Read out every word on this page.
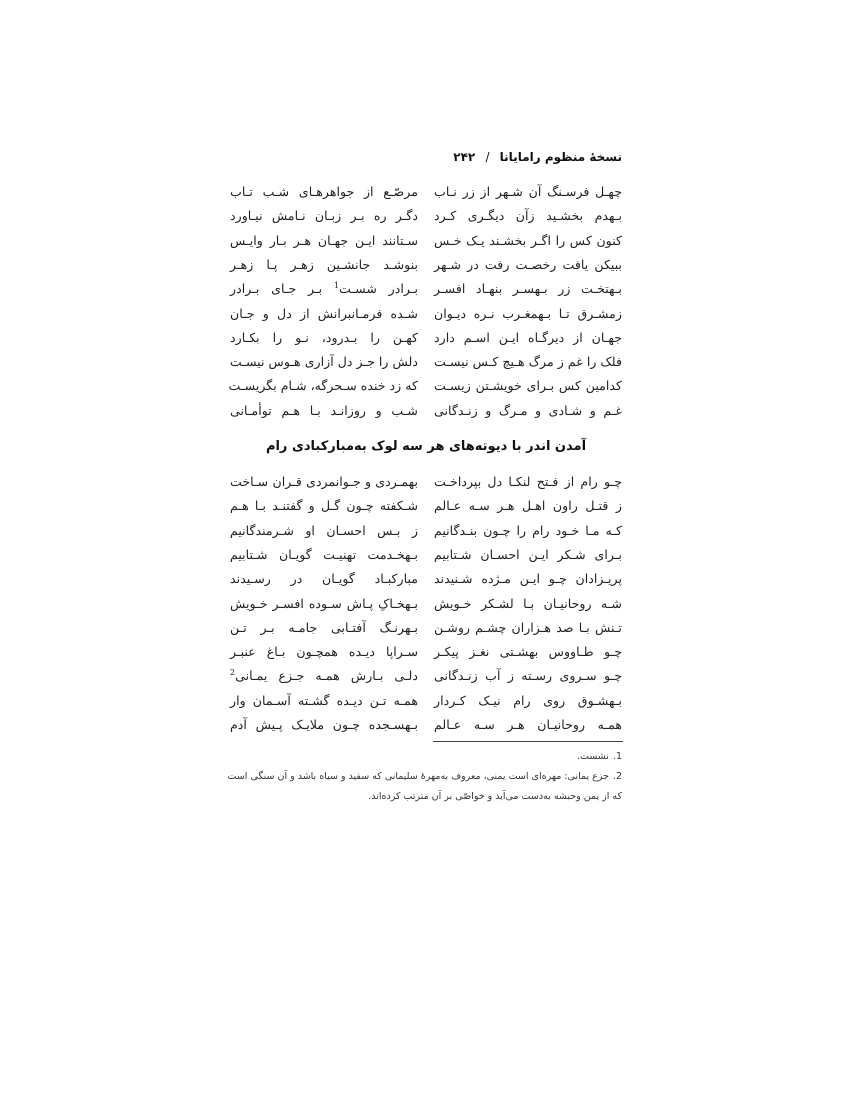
نسخهٔ منظوم رامایانا / ۲۴۲
چهـل فرسـنگ آن شـهر از زر نـاب
مرصّـع از جواهرهـای شـب تـاب
بـهدم بخشـید زآن دیگـری کـرد
دگـر ره بـر زبـان نـامش نیـاورد
کنون کس را اگـر بخشـند یـک خـس
سـتانند ایـن جهـان هـر بـار وایـس
ببیکن یافت رخصـت رفت در شـهر
بنوشـد جانشـین زهـر پـا زهـر
بـهتخـت زر بـهسـر بنهـاد افسـر
بـرادر شسـت$^1$ بـر جـای بـرادر
زمشـرق تـا بـهمغـرب نـره دیـوان
شـده فرمـانبرانش از دل و جـان
جهـان از دیرگـاه ایـن اسـم دارد
کهـن را بـدرود، نـو را بکـارد
فلک را غم ز مرگ هـیچ کـس نیسـت
دلش را جـز دل آزاری هـوس نیسـت
کدامین کس بـرای خویشـتن زیسـت
که زد خنده سـحرگه، شـام بگریسـت
غـم و شـادی و مـرگ و زنـدگانی
شـب و روزانـد بـا هـم توأمـانی
آمدن اندر با دیوته‌های هر سه لوک به‌مبارکبادی رام
چـو رام از فـتح لنکـا دل بپرداخـت
بهمـردی و جـوانمردی قـران سـاخت
ز قتـل راون اهـل هـر سـه عـالم
شـکفته چـون گـل و گفتنـد بـا هـم
کـه مـا خـود رام را چـون بنـدگانیم
ز بـس احسـان او شـرمندگانیم
بـرای شـکر ایـن احسـان شـتابیم
بـهخـدمت تهنیـت گویـان شـتابیم
پریـزادان چـو ایـن مـژده شـنیدند
مبارکبـاد گویـان در رسـیدند
شـه روحانیـان بـا لشـکر خـویش
بـهخـاکِ پـاش سـوده افسـر خـویش
تـنش بـا صد هـزاران چشـم روشـن
بـهرنـگ آفتـابی جامـه بـر تـن
چـو طـاووس بهشـتی نغـز پیکـر
سـراپا دیـده همچـون بـاغ عنبـر
چـو سـروی رسـته ز آب زنـدگانی
دلـی بـارش همـه جـزع یمـانی$^2$
بـهشـوق روی رام نیـک کـردار
همـه تـن دیـده گشـته آسـمان وار
همـه روحانیـان هـر سـه عـالم
بـهسـجده چـون ملایـک پـیش آدم
1.نشست.
2.جزع یمانی: مهره‌ای است یمنی، معروف به‌مهرهٔ سلیمانی که سفید و سیاه باشد و آن سنگی است که از یمن وحبشه به‌دست می‌آید و خواصّی بر آن مترتب کرده‌اند.
